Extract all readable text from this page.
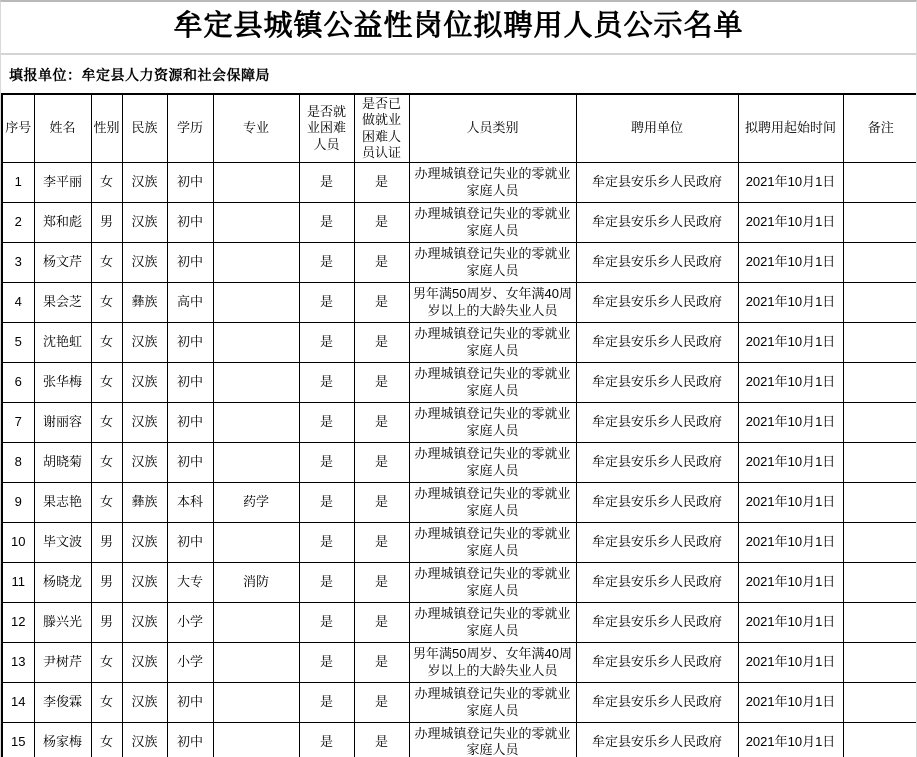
牟定县城镇公益性岗位拟聘用人员公示名单
填报单位：牟定县人力资源和社会保障局
序号	姓名	性别	民族	学历	专业	是否就业困难人员	是否已做就业困难人员认证	人员类别	聘用单位	拟聘用起始时间	备注
1	李平丽	女	汉族	初中		是	是	办理城镇登记失业的零就业家庭人员	牟定县安乐乡人民政府	2021年10月1日	
2	郑和彪	男	汉族	初中		是	是	办理城镇登记失业的零就业家庭人员	牟定县安乐乡人民政府	2021年10月1日	
3	杨文芹	女	汉族	初中		是	是	办理城镇登记失业的零就业家庭人员	牟定县安乐乡人民政府	2021年10月1日	
4	果会芝	女	彝族	高中		是	是	男年满50周岁、女年满40周岁以上的大龄失业人员	牟定县安乐乡人民政府	2021年10月1日	
5	沈艳虹	女	汉族	初中		是	是	办理城镇登记失业的零就业家庭人员	牟定县安乐乡人民政府	2021年10月1日	
6	张华梅	女	汉族	初中		是	是	办理城镇登记失业的零就业家庭人员	牟定县安乐乡人民政府	2021年10月1日	
7	谢丽容	女	汉族	初中		是	是	办理城镇登记失业的零就业家庭人员	牟定县安乐乡人民政府	2021年10月1日	
8	胡晓菊	女	汉族	初中		是	是	办理城镇登记失业的零就业家庭人员	牟定县安乐乡人民政府	2021年10月1日	
9	果志艳	女	彝族	本科	药学	是	是	办理城镇登记失业的零就业家庭人员	牟定县安乐乡人民政府	2021年10月1日	
10	毕文波	男	汉族	初中		是	是	办理城镇登记失业的零就业家庭人员	牟定县安乐乡人民政府	2021年10月1日	
11	杨晓龙	男	汉族	大专	消防	是	是	办理城镇登记失业的零就业家庭人员	牟定县安乐乡人民政府	2021年10月1日	
12	滕兴光	男	汉族	小学		是	是	办理城镇登记失业的零就业家庭人员	牟定县安乐乡人民政府	2021年10月1日	
13	尹树芹	女	汉族	小学		是	是	男年满50周岁、女年满40周岁以上的大龄失业人员	牟定县安乐乡人民政府	2021年10月1日	
14	李俊霖	女	汉族	初中		是	是	办理城镇登记失业的零就业家庭人员	牟定县安乐乡人民政府	2021年10月1日	
15	杨家梅	女	汉族	初中		是	是	办理城镇登记失业的零就业家庭人员	牟定县安乐乡人民政府	2021年10月1日	
